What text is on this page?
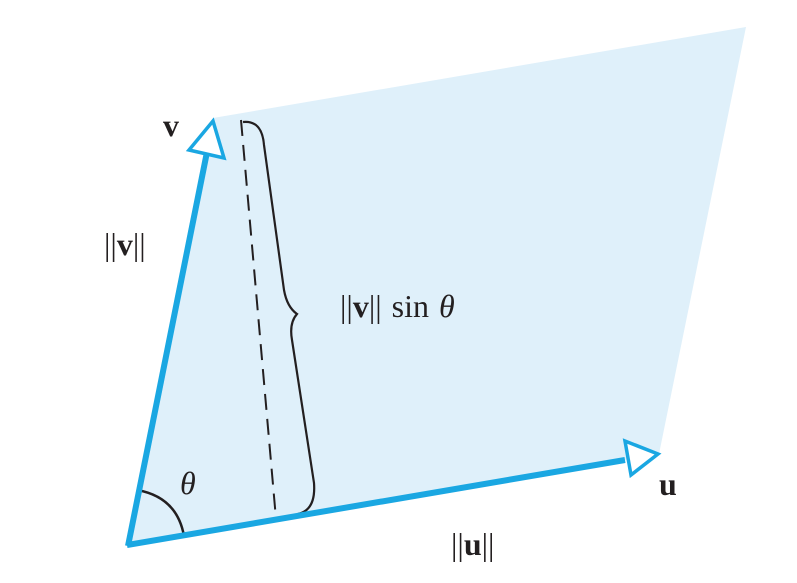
v
u
||v||
||u||
||v|| sin θ
θ
